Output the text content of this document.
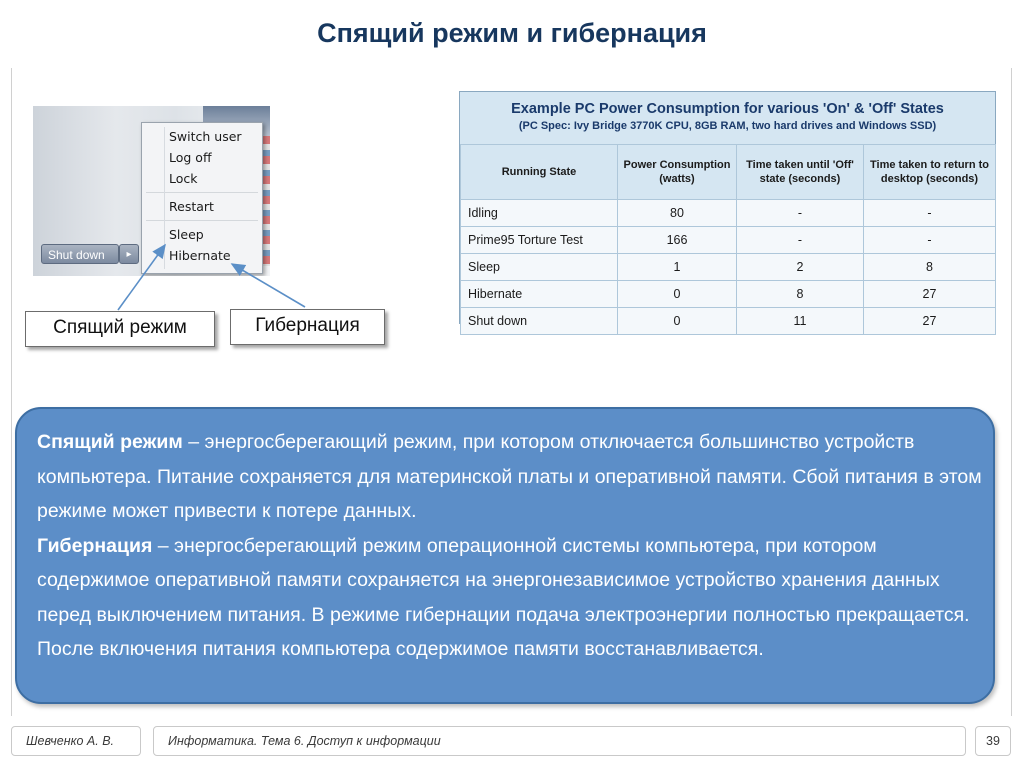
Спящий режим и гибернация
Shut down	▸
Switch user
Log off
Lock
Restart
Sleep
Hibernate
Спящий режим	Гибернация
Example PC Power Consumption for various 'On' & 'Off' States
(PC Spec: Ivy Bridge 3770K CPU, 8GB RAM, two hard drives and Windows SSD)
Running State	Power Consumption (watts)	Time taken until 'Off' state (seconds)	Time taken to return to desktop (seconds)
Idling	80	-	-
Prime95 Torture Test	166	-	-
Sleep	1	2	8
Hibernate	0	8	27
Shut down	0	11	27
Спящий режим – энергосберегающий режим, при котором отключается большинство устройств компьютера. Питание сохраняется для материнской платы и оперативной памяти. Сбой питания в этом режиме может привести к потере данных.
Гибернация – энергосберегающий режим операционной системы компьютера, при котором содержимое оперативной памяти сохраняется на энергонезависимое устройство хранения данных перед выключением питания. В режиме гибернации подача электроэнергии полностью прекращается. После включения питания компьютера содержимое памяти восстанавливается.
Шевченко А. В.	Информатика. Тема 6. Доступ к информации	39
